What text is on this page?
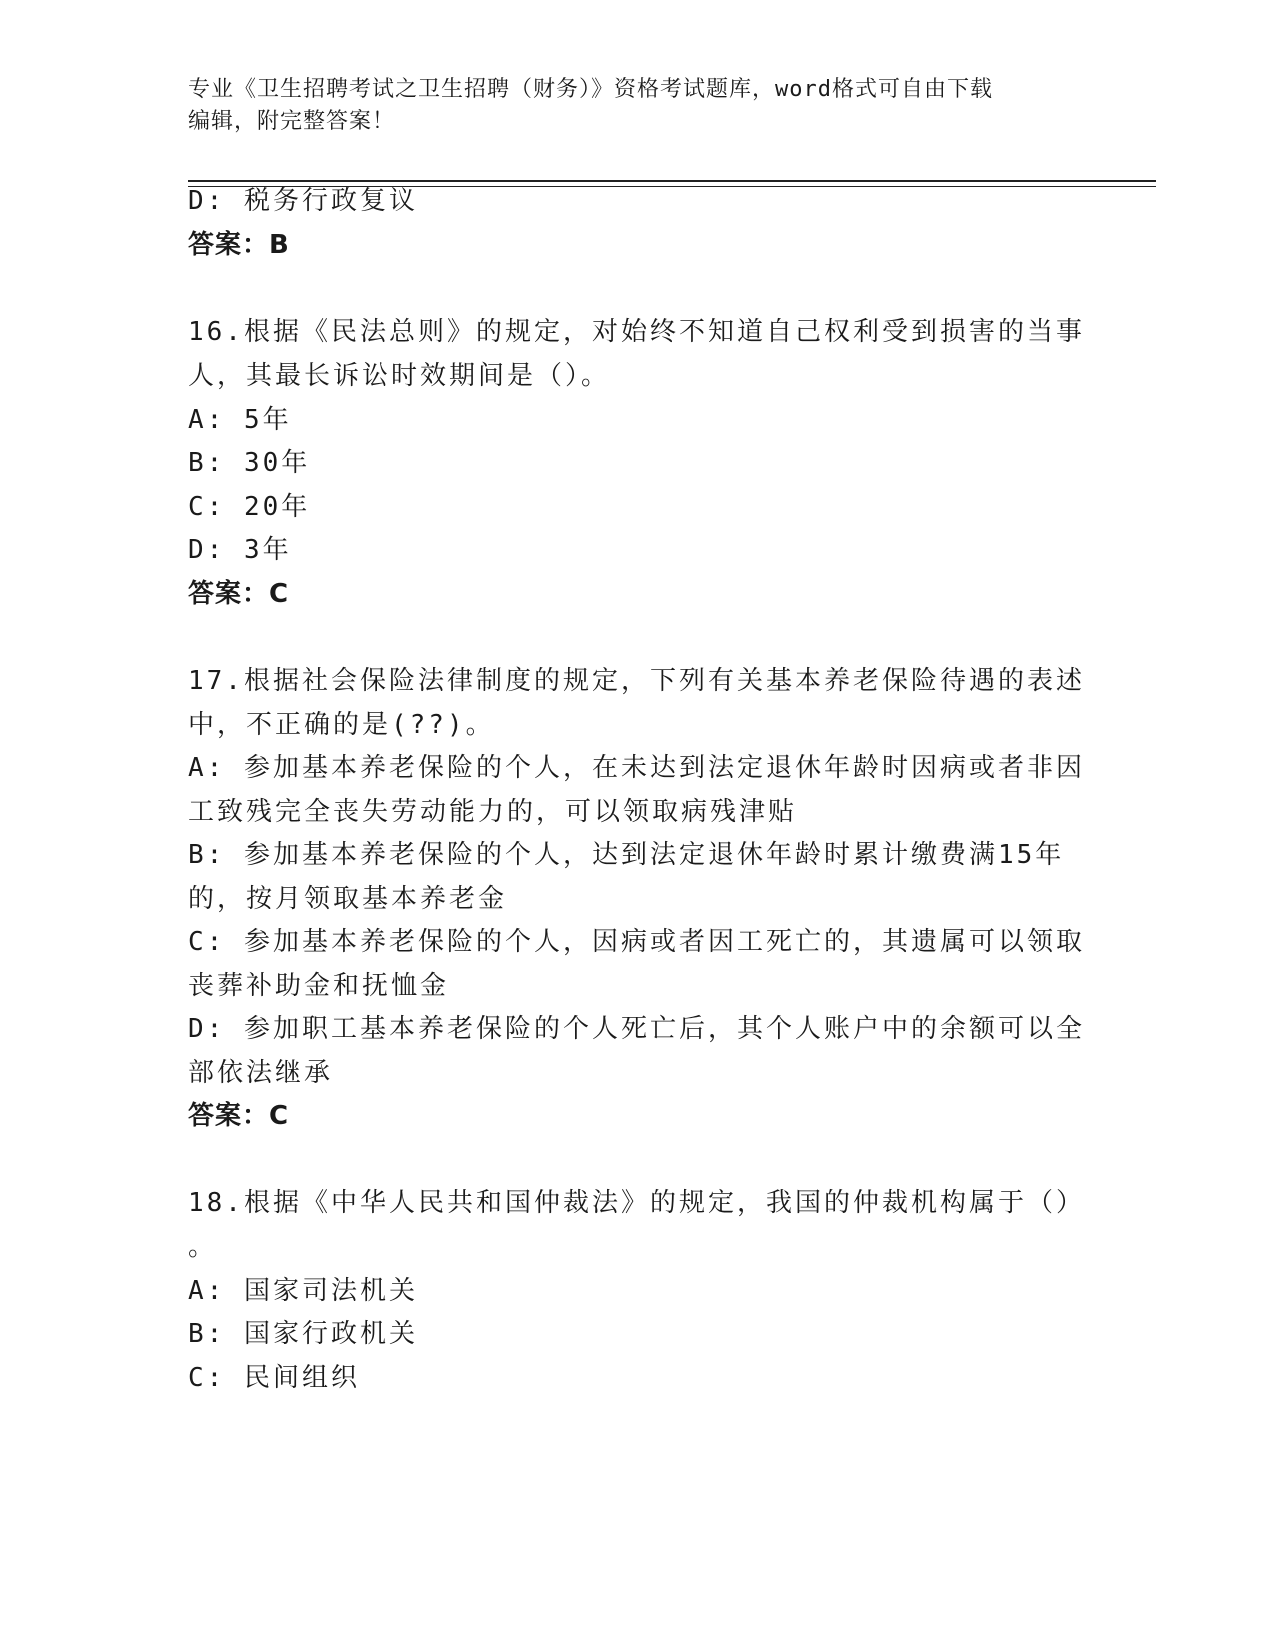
专业《卫生招聘考试之卫生招聘（财务）》资格考试题库，word格式可自由下载
编辑，附完整答案！
D: 税务行政复议
答案：B
16.根据《民法总则》的规定，对始终不知道自己权利受到损害的当事
人，其最长诉讼时效期间是（）。
A: 5年
B: 30年
C: 20年
D: 3年
答案：C
17.根据社会保险法律制度的规定，下列有关基本养老保险待遇的表述
中，不正确的是(??)。
A: 参加基本养老保险的个人，在未达到法定退休年龄时因病或者非因
工致残完全丧失劳动能力的，可以领取病残津贴
B: 参加基本养老保险的个人，达到法定退休年龄时累计缴费满15年
的，按月领取基本养老金
C: 参加基本养老保险的个人，因病或者因工死亡的，其遗属可以领取
丧葬补助金和抚恤金
D: 参加职工基本养老保险的个人死亡后，其个人账户中的余额可以全
部依法继承
答案：C
18.根据《中华人民共和国仲裁法》的规定，我国的仲裁机构属于（）
。
A: 国家司法机关
B: 国家行政机关
C: 民间组织
